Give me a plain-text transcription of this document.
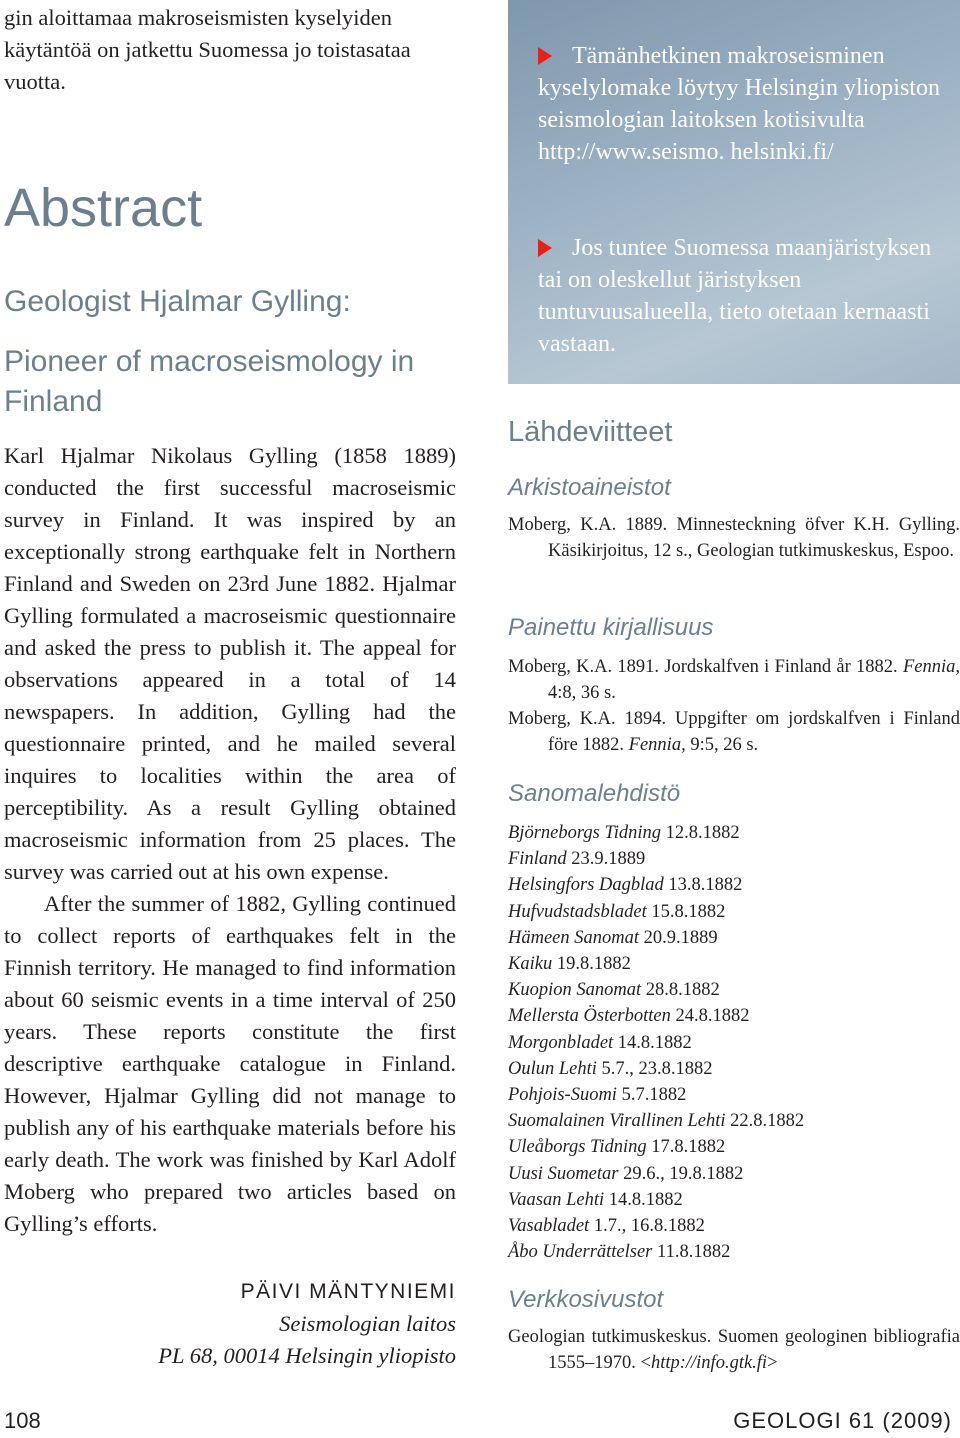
gin aloittamaa makroseismisten kyselyiden käytäntöä on jatkettu Suomessa jo toistasataa vuotta.

Abstract
Geologist Hjalmar Gylling:
Pioneer of macroseismology in Finland

Karl Hjalmar Nikolaus Gylling (1858 1889) conducted the first successful macroseismic survey in Finland. It was inspired by an exceptionally strong earthquake felt in Northern Finland and Sweden on 23rd June 1882. Hjalmar Gylling formulated a macroseismic questionnaire and asked the press to publish it. The appeal for observations appeared in a total of 14 newspapers. In addition, Gylling had the questionnaire printed, and he mailed several inquires to localities within the area of perceptibility. As a result Gylling obtained macroseismic information from 25 places. The survey was carried out at his own expense.

After the summer of 1882, Gylling continued to collect reports of earthquakes felt in the Finnish territory. He managed to find information about 60 seismic events in a time interval of 250 years. These reports constitute the first descriptive earthquake catalogue in Finland. However, Hjalmar Gylling did not manage to publish any of his earthquake materials before his early death. The work was finished by Karl Adolf Moberg who prepared two articles based on Gylling’s efforts.

PÄIVI MÄNTYNIEMI
Seismologian laitos
PL 68, 00014 Helsingin yliopisto
Tämänhetkinen makroseisminen kyselylomake löytyy Helsingin yliopiston seismologian laitoksen kotisivulta http://www.seismo. helsinki.fi/
Jos tuntee Suomessa maanjäristyksen tai on oleskellut järistyksen tuntuvuusalueella, tieto otetaan kernaasti vastaan.
Lähdeviitteet
Arkistoaineistot

Moberg, K.A. 1889. Minnesteckning öfver K.H. Gylling. Käsikirjoitus, 12 s., Geologian tutkimuskeskus, Espoo.

Painettu kirjallisuus

Moberg, K.A. 1891. Jordskalfven i Finland år 1882. Fennia, 4:8, 36 s.

Moberg, K.A. 1894. Uppgifter om jordskalfven i Finland före 1882. Fennia, 9:5, 26 s.

Sanomalehdistö
Björneborgs Tidning 12.8.1882
Finland 23.9.1889
Helsingfors Dagblad 13.8.1882
Hufvudstadsbladet 15.8.1882
Hämeen Sanomat 20.9.1889
Kaiku 19.8.1882
Kuopion Sanomat 28.8.1882
Mellersta Österbotten 24.8.1882
Morgonbladet 14.8.1882
Oulun Lehti 5.7., 23.8.1882
Pohjois-Suomi 5.7.1882
Suomalainen Virallinen Lehti 22.8.1882
Uleåborgs Tidning 17.8.1882
Uusi Suometar 29.6., 19.8.1882
Vaasan Lehti 14.8.1882
Vasabladet 1.7., 16.8.1882
Åbo Underrättelser 11.8.1882
Verkkosivustot

Geologian tutkimuskeskus. Suomen geologinen bibliografia 1555–1970. <http://info.gtk.fi>

108	GEOLOGI 61 (2009)
